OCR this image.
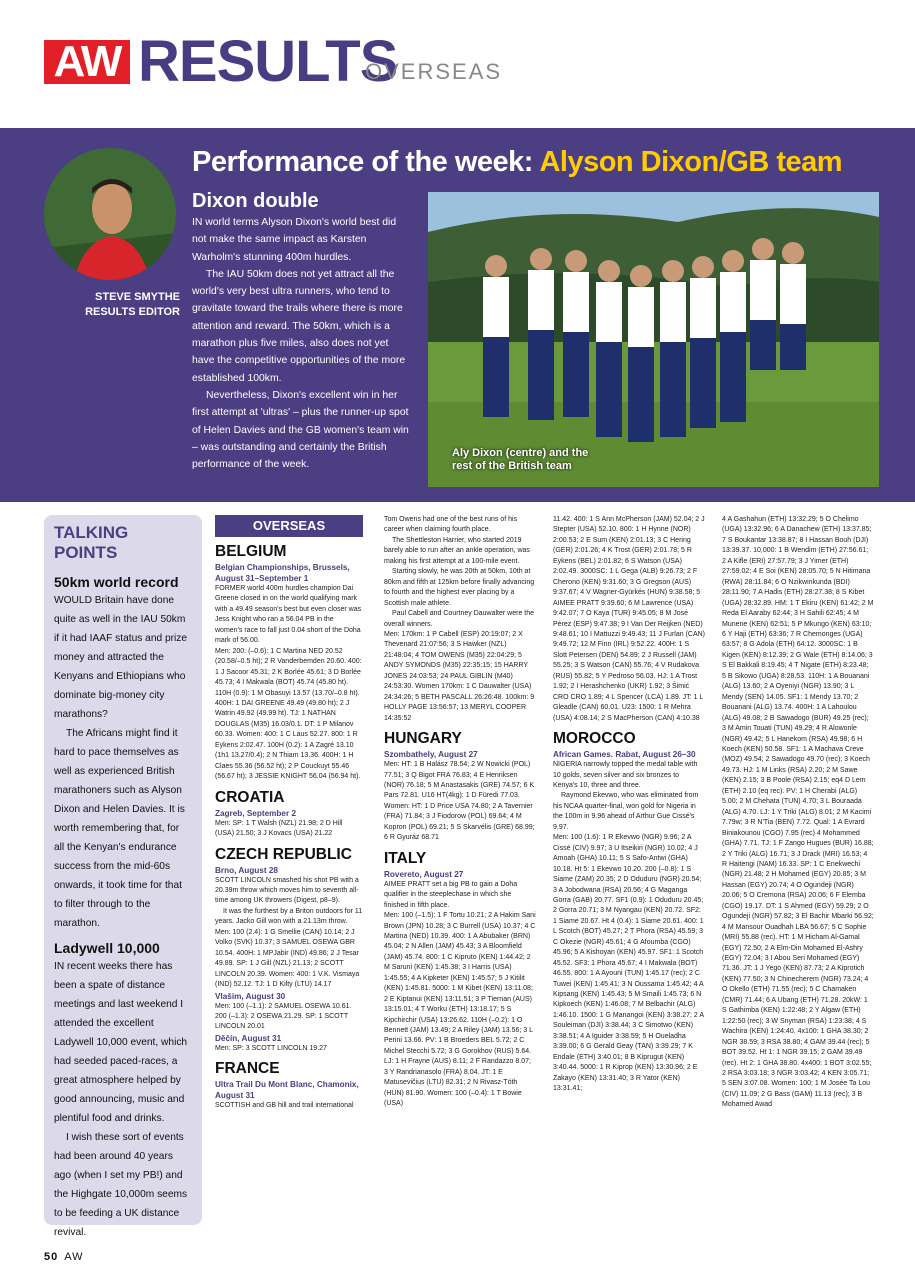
AW RESULTS
OVERSEAS
STEVE SMYTHE
RESULTS EDITOR
Performance of the week: Alyson Dixon/GB team
Dixon double

IN world terms Alyson Dixon's world best did not make the same impact as Karsten Warholm's stunning 400m hurdles.

The IAU 50km does not yet attract all the world's very best ultra runners, who tend to gravitate toward the trails where there is more attention and reward. The 50km, which is a marathon plus five miles, also does not yet have the competitive opportunities of the more established 100km.

Nevertheless, Dixon's excellent win in her first attempt at 'ultras' – plus the runner-up spot of Helen Davies and the GB women's team win – was outstanding and certainly the British performance of the week.

Aly Dixon (centre) and the
rest of the British team
TALKING POINTS
50km world record

WOULD Britain have done quite as well in the IAU 50km if it had IAAF status and prize money and attracted the Kenyans and Ethiopians who dominate big-money city marathons?

The Africans might find it hard to pace themselves as well as experienced British marathoners such as Alyson Dixon and Helen Davies. It is worth remembering that, for all the Kenyan's endurance success from the mid-60s onwards, it took time for that to filter through to the marathon.

Ladywell 10,000

IN recent weeks there has been a spate of distance meetings and last weekend I attended the excellent Ladywell 10,000 event, which had seeded paced-races, a great atmosphere helped by good announcing, music and plentiful food and drinks.

I wish these sort of events had been around 40 years ago (when I set my PB!) and the Highgate 10,000m seems to be feeding a UK distance revival.

OVERSEAS
BELGIUM
Belgian Championships, Brussels, August 31–September 1

FORMER world 400m hurdles champion Dai Greene closed in on the world qualifying mark with a 49.49 season's best but even closer was Jess Knight who ran a 56.04 PB in the women's race to fall just 0.04 short of the Doha mark of 56.00.

Men: 200: (–0.6): 1 C Martina NED 20.52 (20.58/–0.5 ht); 2 R Vanderbemden 20.60. 400: 1 J Sacoor 45.31; 2 K Borlée 45.61; 3 D Borlée 45.73; 4 I Makwala (BOT) 45.74 (45.80 ht). 110H (0.9): 1 M Obasuyi 13.57 (13.70/–0.8 ht). 400H: 1 DAI GREENE 49.49 (49.80 ht); 2 J Watrin 49.92 (49.99 ht). TJ: 1 NATHAN DOUGLAS (M35) 16.03/0.1. DT: 1 P Milanov 60.33. Women: 400: 1 C Laus 52.27. 800: 1 R Eykens 2:02.47. 100H (0.2): 1 A Zagré 13.10 (1h1 13.27/0.4); 2 N Thiam 13.36. 400H: 1 H Claes 55.36 (56.52 ht); 2 P Couckuyt 55.46 (56.67 ht); 3 JESSIE KNIGHT 56.04 (56.94 ht).

CROATIA
Zagreb, September 2

Men: SP: 1 T Walsh (NZL) 21.98; 2 D Hill (USA) 21.50; 3 J Kovacs (USA) 21.22

CZECH REPUBLIC
Brno, August 28

SCOTT LINCOLN smashed his shot PB with a 20.39m throw which moves him to seventh all-time among UK throwers (Digest, p8–9).

It was the furthest by a Briton outdoors for 11 years. Jacko Gill won with a 21.13m throw. Men: 100 (2.4): 1 G Smellie (CAN) 10.14; 2 J Volko (SVK) 10.37; 3 SAMUEL OSEWA GBR 10.54. 400H: 1 MPJabir (IND) 49.86; 2 J Tesar 49.89. SP: 1 J Gill (NZL) 21.13; 2 SCOTT LINCOLN 20.39. Women: 400: 1 V.K. Vismaya (IND) 52.12. TJ: 1 D Kilty (LTU) 14.17

Vlašim, August 30

Men: 100 (–1.1): 2 SAMUEL OSEWA 10.61. 200 (–1.3): 2 OSEWA 21.29. SP: 1 SCOTT LINCOLN 20.01

Děčín, August 31

Men: SP: 3 SCOTT LINCOLN 19.27

FRANCE
Ultra Trail Du Mont Blanc, Chamonix, August 31

SCOTTISH and GB hill and trail international

Tom Owens had one of the best runs of his career when claiming fourth place.

The Shettleston Harrier, who started 2019 barely able to run after an ankle operation, was making his first attempt at a 100-mile event.

Starting slowly, he was 20th at 50km, 10th at 80km and fifth at 125km before finally advancing to fourth and the highest ever placing by a Scottish male athlete.

Paul Cabell and Courtney Dauwalter were the overall winners.

Men: 170km: 1 P Cabell (ESP) 20:19:07; 2 X Thevenard 21:07:56; 3 S Hawker (NZL) 21:48:04; 4 TOM OWENS (M35) 22:04:29; 5 ANDY SYMONDS (M35) 22:35:15; 15 HARRY JONES 24:03:53; 24 PAUL GIBLIN (M40) 24:53:30. Women 170km: 1 C Dauwalter (USA) 24:34:26; 5 BETH PASCALL 26:26:48. 100km: 9 HOLLY PAGE 13:56:57; 13 MERYL COOPER 14:35:52

HUNGARY
Szombathely, August 27

Men: HT: 1 B Halász 78.54; 2 W Nowicki (POL) 77.51; 3 Q Bigot FRA 76.83; 4 E Henriksen (NOR) 76.18; 5 M Anastasakis (GRE) 74.57; 6 K Pars 72.81. U16 HT(4kg): 1 D Füredi 77.03. Women: HT: 1 D Price USA 74.80; 2 A Tavernier (FRA) 71.84; 3 J Fiodorow (POL) 69.64; 4 M Kopron (POL) 69.21; 5 S Skarvélis (GRE) 68.99; 6 R Gyuráz 68.71

ITALY
Rovereto, August 27

AIMEE PRATT set a big PB to gain a Doha qualifier in the steeplechase in which she finished in fifth place.

Men: 100 (–1.5): 1 F Tortu 10.21; 2 A Hakim Sani Brown (JPN) 10.28; 3 C Burrell (USA) 10.37; 4 C Martina (NED) 10.39. 400: 1 A Abubaker (BRN) 45.04; 2 N Allen (JAM) 45.43; 3 A Bloomfield (JAM) 45.74. 800: 1 C Kipruto (KEN) 1:44.42; 2 M Saruni (KEN) 1:45.38; 3 I Harris (USA) 1:45.55; 4 A Kipketer (KEN) 1:45.57; 5 J Kitilit (KEN) 1:45.81. 5000: 1 M Kibet (KEN) 13:11.08; 2 E Kiptanui (KEN) 13:11.51; 3 P Tiernan (AUS) 13:15.01; 4 T Worku (ETH) 13:18.17; 5 S Kipchirchir (USA) 13:26.62. 110H (–0.2): 1 O Bennett (JAM) 13.49; 2 A Riley (JAM) 13.56; 3 L Perini 13.66. PV: 1 B Broeders BEL 5.72; 2 C Michel Stecchi 5.72; 3 G Gorokhov (RUS) 5.64. LJ: 1 H Frayne (AUS) 8.11; 2 F Randazzo 8.07; 3 Y Randrianasolo (FRA) 8.04. JT: 1 E Matusevičius (LTU) 82.31; 2 N Rivasz-Tóth (HUN) 81.90. Women: 100 (–0.4): 1 T Bowie (USA)

11.42. 400: 1 S Ann McPherson (JAM) 52.04; 2 J Stepter (USA) 52.10. 800: 1 H Hynne (NOR) 2:00.53; 2 E Sum (KEN) 2:01.13; 3 C Hering (GER) 2:01.26; 4 K Trost (GER) 2:01.78; 5 R Eykens (BEL) 2:01.82; 6 S Watson (USA) 2:02.49. 3000SC: 1 L Gega (ALB) 9:26.73; 2 F Cherono (KEN) 9:31.60; 3 G Gregson (AUS) 9:37.67; 4 V Wagner-Gyürkés (HUN) 9:38.58; 5 AIMEE PRATT 9:39.60; 6 M Lawrence (USA) 9:42.07; 7 O Kaya (TUR) 9:45.05; 8 M José Pérez (ESP) 9:47.38; 9 I Van Der Reijken (NED) 9:48.61; 10 I Mattuzzi 9:49.43; 11 J Furlan (CAN) 9:49.72; 12 M Finn (IRL) 9:52.22. 400H: 1 S Slott Petersen (DEN) 54.89; 2 J Russell (JAM) 55.25; 3 S Watson (CAN) 55.76; 4 V Rudakova (RUS) 55.82; 5 Y Pedroso 56.03. HJ: 1 A Trost 1.92; 2 I Herashchenko (UKR) 1.92; 3 Ŝimić CRO CRO 1.89; 4 L Spencer (LCA) 1.89. JT: 1 L Gleadle (CAN) 60.01. U23: 1500: 1 R Mehra (USA) 4:08.14; 2 S MacPherson (CAN) 4:10.38

MOROCCO
African Games. Rabat, August 26–30

NIGERIA narrowly topped the medal table with 10 golds, seven silver and six bronzes to Kenya's 10, three and three.

Raymond Ekevwo, who was eliminated from his NCAA quarter-final, won gold for Nigeria in the 100m in 9.96 ahead of Arthur Gue Cissé's 9.97.

Men: 100 (1.6): 1 R Ekevwo (NGR) 9.96; 2 A Cissé (CIV) 9.97; 3 U Itseikiri (NGR) 10.02; 4 J Amoah (GHA) 10.11; 5 S Safo-Antwi (GHA) 10.18. Ht 5: 1 Ekevwo 10.20. 200 (–0.8): 1 S Siame (ZAM) 20.35; 2 D Oduduru (NGR) 20.54; 3 A Jobodwana (RSA) 20.56; 4 G Maganga Gorra (GAB) 20.77. SF1 (0.9): 1 Oduduru 20.45; 2 Gorra 20.71; 3 M Nyangau (KEN) 20.72. SF2: 1 Siame 20.67. Ht 4 (0.4): 1 Siame 20.61. 400: 1 L Scotch (BOT) 45.27; 2 T Phora (RSA) 45.59; 3 C Okezie (NGR) 45.61; 4 G Afoumba (CGO) 45.96; 5 A Kishoyan (KEN) 45.97. SF1: 1 Scotch 45.52. SF3: 1 Phora 45.67; 4 I Makwala (BOT) 46.55. 800: 1 A Ayouni (TUN) 1:45.17 (rec); 2 C Tuwei (KEN) 1:45.41; 3 N Oussama 1:45.42; 4 A Kipsang (KEN) 1:45.43; 5 M Smaili 1:45.73; 6 N Kipkoech (KEN) 1:46.08; 7 M Belbachir (ALG) 1:46.10. 1500: 1 G Manangoi (KEN) 3:38.27; 2 A Souleiman (DJI) 3:38.44; 3 C Simotwo (KEN) 3:38.51; 4 A Iguider 3:38.59; 5 H Oueladha 3:39.00; 6 G Gerald Geay (TAN) 3:39.29; 7 K Endale (ETH) 3:40.01; 8 B Kiprugut (KEN) 3:40.44. 5000: 1 R Kiprop (KEN) 13:30.96; 2 E Zakayo (KEN) 13:31.40; 3 R Yator (KEN) 13:31.41;

4 A Gashahun (ETH) 13:32.29; 5 O Chelimo (UGA) 13:32.96; 6 A Danachew (ETH) 13:37.85; 7 S Boukantar 13:38.87; 8 I Hassan Bouh (DJI) 13:39.37. 10,000: 1 B Wendim (ETH) 27:56.61; 2 A Kifle (ERI) 27:57.79; 3 J Yimer (ETH) 27:59.02; 4 E Soi (KEN) 28:05.70; 5 N Hitimana (RWA) 28:11.84; 6 O Nzikwinkunda (BDI) 28:11.90; 7 A Hadis (ETH) 28:27.38; 8 S Kibet (UGA) 28:32.89. HM: 1 T Ekiru (KEN) 61:42; 2 M Reda El Aaraby 62:44; 3 H Sahili 62:45; 4 M Munene (KEN) 62:51; 5 P Mkungo (KEN) 63:10; 6 Y Haji (ETH) 63:36; 7 R Chemonges (UGA) 63:57; 8 G Adola (ETH) 64:12. 3000SC: 1 B Kigen (KEN) 8:12.39; 2 G Wale (ETH) 8:14.06; 3 S El Bakkali 8:19.45; 4 T Nigate (ETH) 8:23.48; 5 B Sikowo (UGA) 8:28.53. 110H: 1 A Bouanani (ALG) 13.60; 2 A Oyeniyi (NGR) 13.90; 3 L Mendy (SEN) 14.05. SF1: 1 Mendy 13.70; 2 Bouanani (ALG) 13.74. 400H: 1 A Lahoulou (ALG) 49.08; 2 B Sawadogo (BUR) 49.25 (rec); 3 M Amin Touati (TUN) 49.29; 4 R Alowonle (NGR) 49.42; 5 L Hanekom (RSA) 49.98; 6 H Koech (KEN) 50.58. SF1: 1 A Machava Creve (MOZ) 49.54; 2 Sawadogo 49.70 (rec); 3 Koech 49.73. HJ: 1 M Links (RSA) 2.20; 2 M Sawe (KEN) 2.15; 3 B Poole (RSA) 2.15; eq4 D Lem (ETH) 2.10 (eq rec). PV: 1 H Cherabi (ALG) 5.00; 2 M Chehata (TUN) 4.70; 3 L Bouraada (ALG) 4.70. LJ: 1 Y Triki (ALG) 8.01; 2 M Kacimi 7.79w; 3 R N'Tia (BEN) 7.72. Qual: 1 A Evrard Biniakounou (CGO) 7.95 (rec) 4 Mohammed (GHA) 7.71. TJ: 1 F Zango Hugues (BUR) 16.88; 2 Y Triki (ALG) 16.71; 3 J Drack (MRI) 16.53; 4 R Haitengi (NAM) 16.33. SP: 1 C Enekwechi (NGR) 21.48; 2 H Mohamed (EGY) 20.85; 3 M Hassan (EGY) 20.74; 4 O Ogundeji (NGR) 20.06; 5 O Cremona (RSA) 20.06; 6 F Elemba (CGO) 19.17. DT: 1 S Ahmed (EGY) 59.29; 2 O Ogundeji (NGR) 57.82; 3 El Bachir Mbarki 56.92; 4 M Mansour Ouadhah LBA 56.67; 5 C Sophie (MRI) 55.88 (rec). HT: 1 M Hicham Al-Gamal (EGY) 72.50; 2 A Elm-Din Mohamed El-Ashry (EGY) 72.04; 3 I Abou Seri Mohamed (EGY) 71.36. JT: 1 J Yego (KEN) 87.73; 2 A Kiprotich (KEN) 77.50; 3 N Chinecherem (NGR) 73.24; 4 O Okello (ETH) 71.55 (rec); 5 C Chamaken (CMR) 71.44; 6 A Ubang (ETH) 71.28. 20kW: 1 S Gathimba (KEN) 1:22:48; 2 Y Algaw (ETH) 1:22:50 (rec); 3 W Snyman (RSA) 1:23:38; 4 S Wachira (KEN) 1:24:40. 4x100: 1 GHA 38.30; 2 NGR 38.59; 3 RSA 38.80; 4 GAM 39.44 (rec); 5 BOT 39.52. Ht 1: 1 NGR 39.15; 2 GAM 39.49 (rec). Ht 2: 1 GHA 38.80. 4x400: 1 BOT 3:02.55; 2 RSA 3:03.18; 3 NGR 3:03.42; 4 KEN 3:05.71; 5 SEN 3:07.08. Women: 100: 1 M Josée Ta Lou (CIV) 11.09; 2 G Bass (GAM) 11.13 (rec); 3 B Mohamed Awad

50 AW
